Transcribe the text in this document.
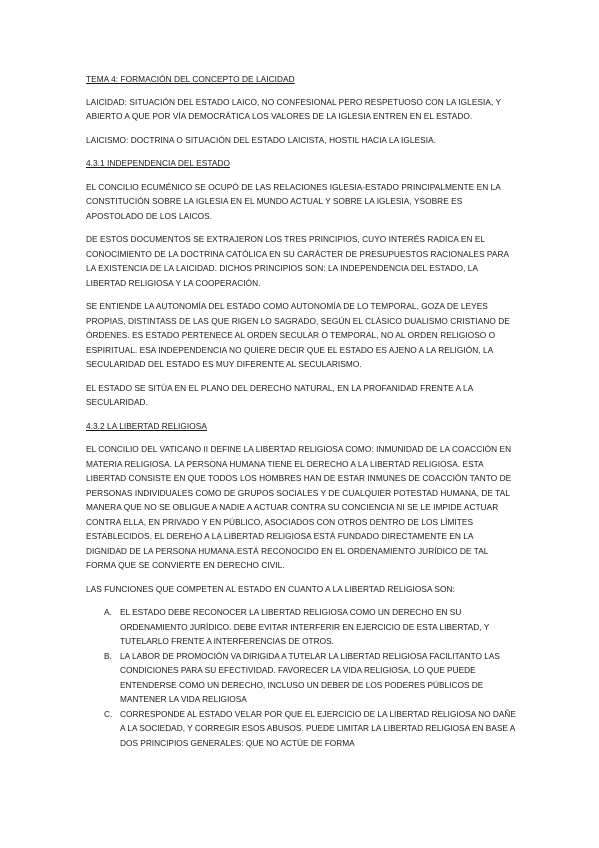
TEMA 4: FORMACIÓN DEL CONCEPTO DE LAICIDAD

LAICIDAD: SITUACIÓN DEL ESTADO LAICO, NO CONFESIONAL PERO RESPETUOSO CON LA IGLESIA, Y ABIERTO A QUE POR VÍA DEMOCRÁTICA LOS VALORES DE LA IGLESIA ENTREN EN EL ESTADO.

LAICISMO: DOCTRINA O SITUACIÓN DEL ESTADO LAICISTA, HOSTIL HACIA LA IGLESIA.

4.3.1 INDEPENDENCIA DEL ESTADO

EL CONCILIO ECUMÉNICO SE OCUPÓ DE LAS RELACIONES IGLESIA-ESTADO PRINCIPALMENTE EN LA CONSTITUCIÓN SOBRE LA IGLESIA EN EL MUNDO ACTUAL Y SOBRE LA IGLESIA, YSOBRE ES APOSTOLADO DE LOS LAICOS.

DE ESTOS DOCUMENTOS SE EXTRAJERON LOS TRES PRINCIPIOS, CUYO INTERÉS RADICA EN EL CONOCIMIENTO DE LA DOCTRINA CATÓLICA EN SU CARÁCTER DE PRESUPUESTOS RACIONALES PARA LA EXISTENCIA DE LA LAICIDAD. DICHOS PRINCIPIOS SON: LA INDEPENDENCIA DEL ESTADO, LA LIBERTAD RELIGIOSA Y LA COOPERACIÓN.

SE ENTIENDE LA AUTONOMÍA DEL ESTADO COMO AUTONOMÍA DE LO TEMPORAL, GOZA DE LEYES PROPIAS, DISTINTASS DE LAS QUE RIGEN LO SAGRADO, SEGÚN EL CLÁSICO DUALISMO CRISTIANO DE ÓRDENES. ES ESTADO PERTENECE AL ORDEN SECULAR O TEMPORAL, NO AL ORDEN RELIGIOSO O ESPIRITUAL. ESA INDEPENDENCIA NO QUIERE DECIR QUE EL ESTADO ES AJENO A LA RELIGIÓN, LA SECULARIDAD DEL ESTADO ES MUY DIFERENTE AL SECULARISMO.

EL ESTADO SE SITÚA EN EL PLANO DEL DERECHO NATURAL, EN LA PROFANIDAD FRENTE A LA SECULARIDAD.

4.3.2 LA LIBERTAD RELIGIOSA

EL CONCILIO DEL VATICANO II DEFINE LA LIBERTAD RELIGIOSA COMO: INMUNIDAD DE LA COACCIÓN EN MATERIA RELIGIOSA. LA PERSONA HUMANA TIENE EL DERECHO A LA LIBERTAD RELIGIOSA. ESTA LIBERTAD CONSISTE EN QUE TODOS LOS HOMBRES HAN DE ESTAR INMUNES DE COACCIÓN TANTO DE PERSONAS INDIVIDUALES COMO DE GRUPOS SOCIALES Y DE CUALQUIER POTESTAD HUMANA, DE TAL MANERA QUE NO SE OBLIGUE A NADIE A ACTUAR CONTRA SU CONCIENCIA NI SE LE IMPIDE ACTUAR CONTRA ELLA, EN PRIVADO Y EN PÚBLICO, ASOCIADOS CON OTROS DENTRO DE LOS LÍMITES ESTABLECIDOS. EL DEREHO A LA LIBERTAD RELIGIOSA ESTÁ FUNDADO DIRECTAMENTE EN LA DIGNIDAD DE LA PERSONA HUMANA.ESTÁ RECONOCIDO EN EL ORDENAMIENTO JURÍDICO DE TAL FORMA QUE SE CONVIERTE EN DERECHO CIVIL.

LAS FUNCIONES QUE COMPETEN AL ESTADO EN CUANTO A LA LIBERTAD RELIGIOSA SON:

A. EL ESTADO DEBE RECONOCER LA LIBERTAD RELIGIOSA COMO UN DERECHO EN SU ORDENAMIENTO JURÍDICO. DEBE EVITAR INTERFERIR EN EJERCICIO DE ESTA LIBERTAD, Y TUTELARLO FRENTE A INTERFERENCIAS DE OTROS.
B. LA LABOR DE PROMOCIÓN VA DIRIGIDA A TUTELAR LA LIBERTAD RELIGIOSA FACILITANTO LAS CONDICIONES PARA SU EFECTIVIDAD. FAVORECER LA VIDA RELIGIOSA, LO QUE PUEDE ENTENDERSE COMO UN DERECHO, INCLUSO UN DEBER DE LOS PODERES PÚBLICOS DE MANTENER LA VIDA RELIGIOSA
C. CORRESPONDE AL ESTADO VELAR POR QUE EL EJERCICIO DE LA LIBERTAD RELIGIOSA NO DAÑE A LA SOCIEDAD, Y CORREGIR ESOS ABUSOS. PUEDE LIMITAR LA LIBERTAD RELIGIOSA EN BASE A DOS PRINCIPIOS GENERALES: QUE NO ACTÚE DE FORMA
